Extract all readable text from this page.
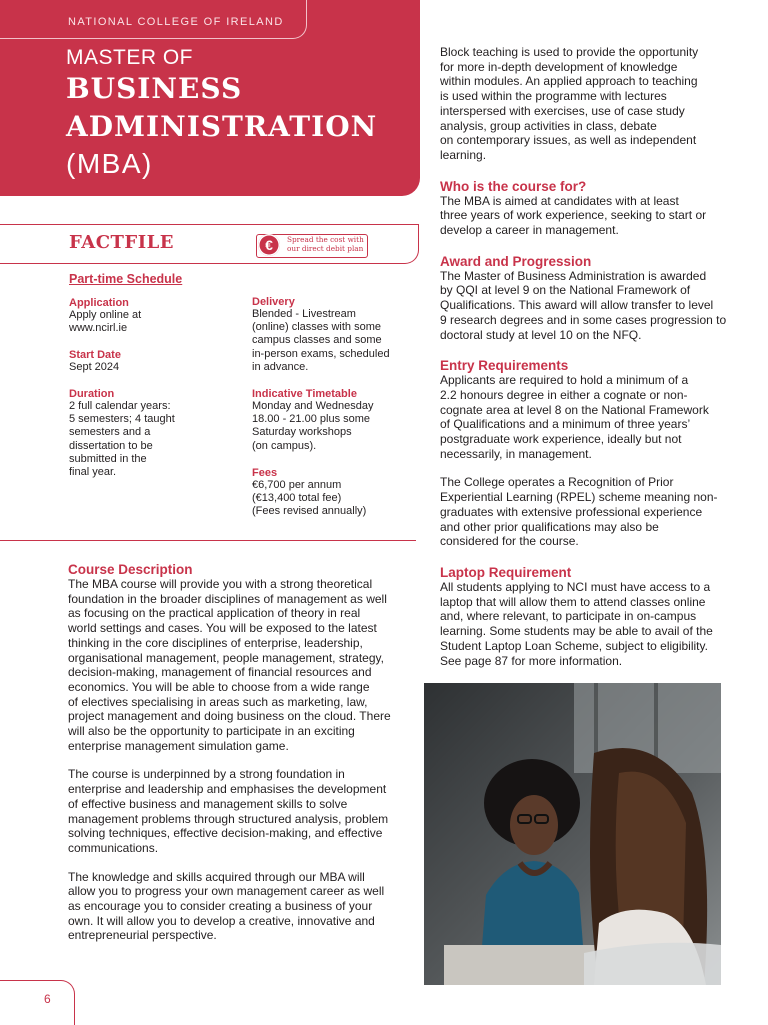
NATIONAL COLLEGE OF IRELAND
MASTER OF
BUSINESS
ADMINISTRATION
(MBA)
FACTFILE	€	Spread the cost with our direct debit plan
Part-time Schedule
Application
Apply online at
www.ncirl.ie
Start Date
Sept 2024
Duration
2 full calendar years:
5 semesters; 4 taught
semesters and a
dissertation to be
submitted in the
final year.
Delivery
Blended - Livestream
(online) classes with some
campus classes and some
in-person exams, scheduled
in advance.
Indicative Timetable
Monday and Wednesday
18.00 - 21.00 plus some
Saturday workshops
(on campus).
Fees
€6,700 per annum
(€13,400 total fee)
(Fees revised annually)
Course Description
The MBA course will provide you with a strong theoretical
foundation in the broader disciplines of management as well
as focusing on the practical application of theory in real
world settings and cases. You will be exposed to the latest
thinking in the core disciplines of enterprise, leadership,
organisational management, people management, strategy,
decision-making, management of financial resources and
economics. You will be able to choose from a wide range
of electives specialising in areas such as marketing, law,
project management and doing business on the cloud. There
will also be the opportunity to participate in an exciting
enterprise management simulation game.
The course is underpinned by a strong foundation in
enterprise and leadership and emphasises the development
of effective business and management skills to solve
management problems through structured analysis, problem
solving techniques, effective decision-making, and effective
communications.
The knowledge and skills acquired through our MBA will
allow you to progress your own management career as well
as encourage you to consider creating a business of your
own. It will allow you to develop a creative, innovative and
entrepreneurial perspective.
Block teaching is used to provide the opportunity
for more in-depth development of knowledge
within modules. An applied approach to teaching
is used within the programme with lectures
interspersed with exercises, use of case study
analysis, group activities in class, debate
on contemporary issues, as well as independent
learning.
Who is the course for?
The MBA is aimed at candidates with at least
three years of work experience, seeking to start or
develop a career in management.
Award and Progression
The Master of Business Administration is awarded
by QQI at level 9 on the National Framework of
Qualifications. This award will allow transfer to level
9 research degrees and in some cases progression to
doctoral study at level 10 on the NFQ.
Entry Requirements
Applicants are required to hold a minimum of a
2.2 honours degree in either a cognate or non-
cognate area at level 8 on the National Framework
of Qualifications and a minimum of three years’
postgraduate work experience, ideally but not
necessarily, in management.
The College operates a Recognition of Prior
Experiential Learning (RPEL) scheme meaning non-
graduates with extensive professional experience
and other prior qualifications may also be
considered for the course.
Laptop Requirement
All students applying to NCI must have access to a
laptop that will allow them to attend classes online
and, where relevant, to participate in on-campus
learning. Some students may be able to avail of the
Student Laptop Loan Scheme, subject to eligibility.
See page 87 for more information.
6
